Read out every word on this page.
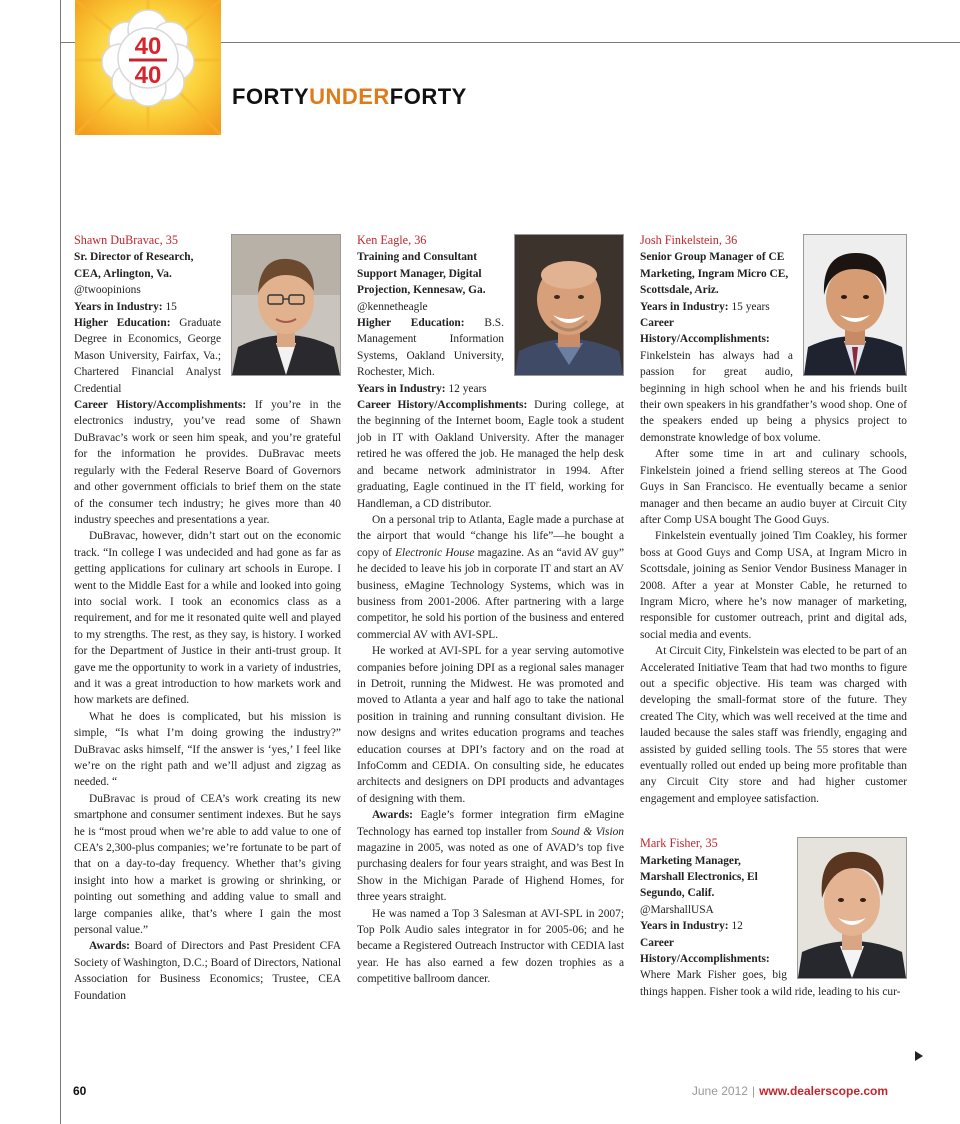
40
40
FORTYUNDERFORTY

Shawn DuBravac, 35

Sr. Director of Research, CEA, Arlington, Va.

@twoopinions

Years in Industry: 15

Higher Education: Graduate Degree in Economics, George Mason University, Fairfax, Va.; Chartered Financial Analyst Credential

Career History/Accomplishments: If you’re in the electronics industry, you’ve read some of Shawn DuBravac’s work or seen him speak, and you’re grateful for the information he provides. DuBravac meets regularly with the Federal Reserve Board of Governors and other government officials to brief them on the state of the consumer tech industry; he gives more than 40 industry speeches and presentations a year.

DuBravac, however, didn’t start out on the economic track. “In college I was undecided and had gone as far as getting applications for culinary art schools in Europe. I went to the Middle East for a while and looked into going into social work. I took an economics class as a requirement, and for me it resonated quite well and played to my strengths. The rest, as they say, is history. I worked for the Department of Justice in their anti-trust group. It gave me the opportunity to work in a variety of industries, and it was a great introduction to how markets work and how markets are defined.

What he does is complicated, but his mission is simple, “Is what I’m doing growing the industry?” DuBravac asks himself, “If the answer is ‘yes,’ I feel like we’re on the right path and we’ll adjust and zigzag as needed. “

DuBravac is proud of CEA’s work creating its new smartphone and consumer sentiment indexes. But he says he is “most proud when we’re able to add value to one of CEA’s 2,300-plus companies; we’re fortunate to be part of that on a day-to-day frequency. Whether that’s giving insight into how a market is growing or shrinking, or pointing out something and adding value to small and large companies alike, that’s where I gain the most personal value.”

Awards: Board of Directors and Past President CFA Society of Washington, D.C.; Board of Directors, National Association for Business Economics; Trustee, CEA Foundation

Ken Eagle, 36

Training and Consultant Support Manager, Digital Projection, Kennesaw, Ga.

@kennetheagle

Higher Education: B.S. Management Information Systems, Oakland University, Rochester, Mich.

Years in Industry: 12 years

Career History/Accomplishments: During college, at the beginning of the Internet boom, Eagle took a student job in IT with Oakland University. After the manager retired he was offered the job. He managed the help desk and became network administrator in 1994. After graduating, Eagle continued in the IT field, working for Handleman, a CD distributor.

On a personal trip to Atlanta, Eagle made a purchase at the airport that would “change his life”—he bought a copy of Electronic House magazine. As an “avid AV guy” he decided to leave his job in corporate IT and start an AV business, eMagine Technology Systems, which was in business from 2001-2006. After partnering with a large competitor, he sold his portion of the business and entered commercial AV with AVI-SPL.

He worked at AVI-SPL for a year serving automotive companies before joining DPI as a regional sales manager in Detroit, running the Midwest. He was promoted and moved to Atlanta a year and half ago to take the national position in training and running consultant division. He now designs and writes education programs and teaches education courses at DPI’s factory and on the road at InfoComm and CEDIA. On consulting side, he educates architects and designers on DPI products and advantages of designing with them.

Awards: Eagle’s former integration firm eMagine Technology has earned top installer from Sound & Vision magazine in 2005, was noted as one of AVAD’s top five purchasing dealers for four years straight, and was Best In Show in the Michigan Parade of Highend Homes, for three years straight.

He was named a Top 3 Salesman at AVI-SPL in 2007; Top Polk Audio sales integrator in for 2005-06; and he became a Registered Outreach Instructor with CEDIA last year. He has also earned a few dozen trophies as a competitive ballroom dancer.

Josh Finkelstein, 36

Senior Group Manager of CE Marketing, Ingram Micro CE, Scottsdale, Ariz.

Years in Industry: 15 years

Career History/Accomplishments: Finkelstein has always had a passion for great audio, beginning in high school when he and his friends built their own speakers in his grandfather’s wood shop. One of the speakers ended up being a physics project to demonstrate knowledge of box volume.

After some time in art and culinary schools, Finkelstein joined a friend selling stereos at The Good Guys in San Francisco. He eventually became a senior manager and then became an audio buyer at Circuit City after Comp USA bought The Good Guys.

Finkelstein eventually joined Tim Coakley, his former boss at Good Guys and Comp USA, at Ingram Micro in Scottsdale, joining as Senior Vendor Business Manager in 2008. After a year at Monster Cable, he returned to Ingram Micro, where he’s now manager of marketing, responsible for customer outreach, print and digital ads, social media and events.

At Circuit City, Finkelstein was elected to be part of an Accelerated Initiative Team that had two months to figure out a specific objective. His team was charged with developing the small-format store of the future. They created The City, which was well received at the time and lauded because the sales staff was friendly, engaging and assisted by guided selling tools. The 55 stores that were eventually rolled out ended up being more profitable than any Circuit City store and had higher customer engagement and employee satisfaction.

Mark Fisher, 35

Marketing Manager, Marshall Electronics, El Segundo, Calif.

@MarshallUSA

Years in Industry: 12

Career History/Accomplishments: Where Mark Fisher goes, big things happen. Fisher took a wild ride, leading to his cur-

60	June 2012 | www.dealerscope.com
